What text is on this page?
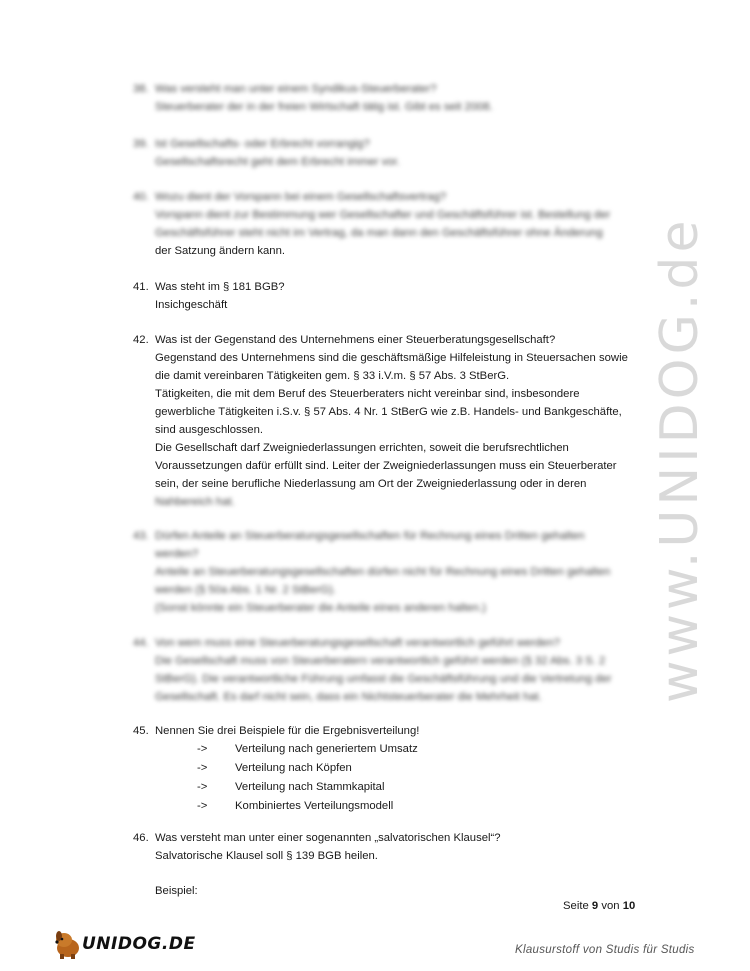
www.UNIDOG.de
38. Was versteht man unter einem Syndikus-Steuerberater?

Steuerberater der in der freien Wirtschaft tätig ist. Gibt es seit 2008.

39. Ist Gesellschafts- oder Erbrecht vorrangig?

Gesellschaftsrecht geht dem Erbrecht immer vor.

40. Wozu dient der Vorspann bei einem Gesellschaftsvertrag?

Vorspann dient zur Bestimmung wer Gesellschafter und Geschäftsführer ist. Bestellung der

Geschäftsführer steht nicht im Vertrag, da man dann den Geschäftsführer ohne Änderung

der Satzung ändern kann.

41. Was steht im § 181 BGB?

Insichgeschäft

42. Was ist der Gegenstand des Unternehmens einer Steuerberatungsgesellschaft?

Gegenstand des Unternehmens sind die geschäftsmäßige Hilfeleistung in Steuersachen sowie

die damit vereinbaren Tätigkeiten gem. § 33 i.V.m. § 57 Abs. 3 StBerG.

Tätigkeiten, die mit dem Beruf des Steuerberaters nicht vereinbar sind, insbesondere

gewerbliche Tätigkeiten i.S.v. § 57 Abs. 4 Nr. 1 StBerG wie z.B. Handels- und Bankgeschäfte,

sind ausgeschlossen.

Die Gesellschaft darf Zweigniederlassungen errichten, soweit die berufsrechtlichen

Voraussetzungen dafür erfüllt sind. Leiter der Zweigniederlassungen muss ein Steuerberater

sein, der seine berufliche Niederlassung am Ort der Zweigniederlassung oder in deren

Nahbereich hat.

43. Dürfen Anteile an Steuerberatungsgesellschaften für Rechnung eines Dritten gehalten

werden?

Anteile an Steuerberatungsgesellschaften dürfen nicht für Rechnung eines Dritten gehalten

werden (§ 50a Abs. 1 Nr. 2 StBerG).

(Sonst könnte ein Steuerberater die Anteile eines anderen halten.)

44. Von wem muss eine Steuerberatungsgesellschaft verantwortlich geführt werden?

Die Gesellschaft muss von Steuerberatern verantwortlich geführt werden (§ 32 Abs. 3 S. 2

StBerG). Die verantwortliche Führung umfasst die Geschäftsführung und die Vertretung der

Gesellschaft. Es darf nicht sein, dass ein Nichtsteuerberater die Mehrheit hat.

45. Nennen Sie drei Beispiele für die Ergebnisverteilung!

-> Verteilung nach generiertem Umsatz
-> Verteilung nach Köpfen
-> Verteilung nach Stammkapital
-> Kombiniertes Verteilungsmodell
46. Was versteht man unter einer sogenannten „salvatorischen Klausel“?

Salvatorische Klausel soll § 139 BGB heilen.

Beispiel:

Seite 9 von 10
UNIDOG.DE	Klausurstoff von Studis für Studis
